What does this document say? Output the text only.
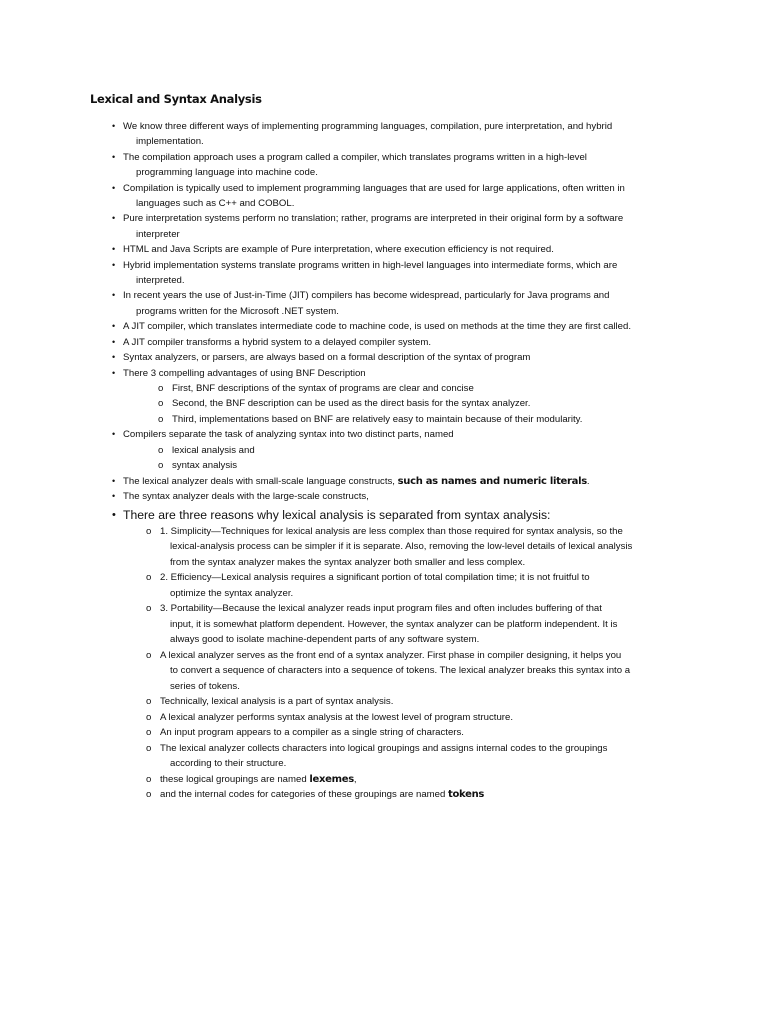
Lexical and Syntax Analysis
• We know three different ways of implementing programming languages, compilation, pure interpretation, and hybrid
implementation.
• The compilation approach uses a program called a compiler, which translates programs written in a high-level
programming language into machine code.
• Compilation is typically used to implement programming languages that are used for large applications, often written in
languages such as C++ and COBOL.
• Pure interpretation systems perform no translation; rather, programs are interpreted in their original form by a software
interpreter
• HTML and Java Scripts are example of Pure interpretation, where execution efficiency is not required.
• Hybrid implementation systems translate programs written in high-level languages into intermediate forms, which are
interpreted.
• In recent years the use of Just-in-Time (JIT) compilers has become widespread, particularly for Java programs and
programs written for the Microsoft .NET system.
• A JIT compiler, which translates intermediate code to machine code, is used on methods at the time they are first called.
• A JIT compiler transforms a hybrid system to a delayed compiler system.
• Syntax analyzers, or parsers, are always based on a formal description of the syntax of program
• There 3 compelling advantages of using BNF Description
o First, BNF descriptions of the syntax of programs are clear and concise
o Second, the BNF description can be used as the direct basis for the syntax analyzer.
o Third, implementations based on BNF are relatively easy to maintain because of their modularity.
• Compilers separate the task of analyzing syntax into two distinct parts, named
o lexical analysis and
o syntax analysis
• The lexical analyzer deals with small-scale language constructs, such as names and numeric literals.
• The syntax analyzer deals with the large-scale constructs,
• There are three reasons why lexical analysis is separated from syntax analysis:
o 1. Simplicity—Techniques for lexical analysis are less complex than those required for syntax analysis, so the
lexical-analysis process can be simpler if it is separate. Also, removing the low-level details of lexical analysis
from the syntax analyzer makes the syntax analyzer both smaller and less complex.
o 2. Efficiency—Lexical analysis requires a significant portion of total compilation time; it is not fruitful to
optimize the syntax analyzer.
o 3. Portability—Because the lexical analyzer reads input program files and often includes buffering of that
input, it is somewhat platform dependent. However, the syntax analyzer can be platform independent. It is
always good to isolate machine-dependent parts of any software system.
o A lexical analyzer serves as the front end of a syntax analyzer. First phase in compiler designing, it helps you
to convert a sequence of characters into a sequence of tokens. The lexical analyzer breaks this syntax into a
series of tokens.
o Technically, lexical analysis is a part of syntax analysis.
o A lexical analyzer performs syntax analysis at the lowest level of program structure.
o An input program appears to a compiler as a single string of characters.
o The lexical analyzer collects characters into logical groupings and assigns internal codes to the groupings
according to their structure.
o these logical groupings are named lexemes,
o and the internal codes for categories of these groupings are named tokens
